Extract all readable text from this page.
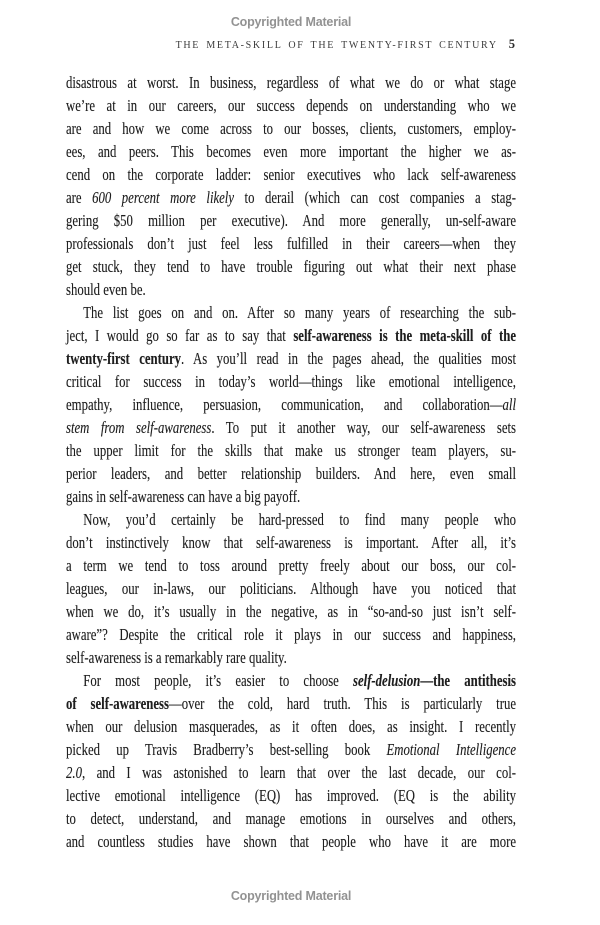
Copyrighted Material
THE META-SKILL OF THE TWENTY-FIRST CENTURY 5
disastrous at worst. In business, regardless of what we do or what stage
we’re at in our careers, our success depends on understanding who we
are and how we come across to our bosses, clients, customers, employ-
ees, and peers. This becomes even more important the higher we as-
cend on the corporate ladder: senior executives who lack self-awareness
are 600 percent more likely to derail (which can cost companies a stag-
gering $50 million per executive). And more generally, un-self-aware
professionals don’t just feel less fulfilled in their careers—when they
get stuck, they tend to have trouble figuring out what their next phase
should even be.
The list goes on and on. After so many years of researching the sub-
ject, I would go so far as to say that self-awareness is the meta-skill of the
twenty-first century. As you’ll read in the pages ahead, the qualities most
critical for success in today’s world—things like emotional intelligence,
empathy, influence, persuasion, communication, and collaboration—all
stem from self-awareness. To put it another way, our self-awareness sets
the upper limit for the skills that make us stronger team players, su-
perior leaders, and better relationship builders. And here, even small
gains in self-awareness can have a big payoff.
Now, you’d certainly be hard-pressed to find many people who
don’t instinctively know that self-awareness is important. After all, it’s
a term we tend to toss around pretty freely about our boss, our col-
leagues, our in-laws, our politicians. Although have you noticed that
when we do, it’s usually in the negative, as in “so-and-so just isn’t self-
aware”? Despite the critical role it plays in our success and happiness,
self-awareness is a remarkably rare quality.
For most people, it’s easier to choose self-delusion—the antithesis
of self-awareness—over the cold, hard truth. This is particularly true
when our delusion masquerades, as it often does, as insight. I recently
picked up Travis Bradberry’s best-selling book Emotional Intelligence
2.0, and I was astonished to learn that over the last decade, our col-
lective emotional intelligence (EQ) has improved. (EQ is the ability
to detect, understand, and manage emotions in ourselves and others,
and countless studies have shown that people who have it are more
Copyrighted Material
